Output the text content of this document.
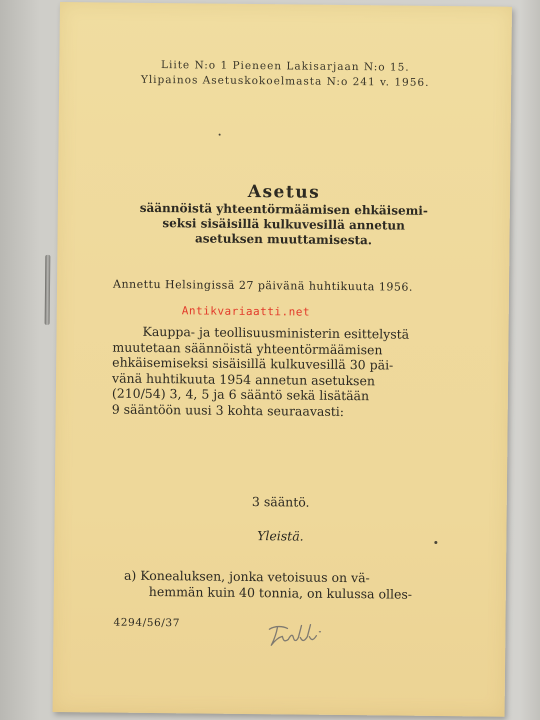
Liite N:o 1 Pieneen Lakisarjaan N:o 15.
Ylipainos Asetuskokoelmasta N:o 241 v. 1956.
Asetus
säännöistä yhteentörmäämisen ehkäisemi-
seksi sisäisillä kulkuvesillä annetun
asetuksen muuttamisesta.
Annettu Helsingissä 27 päivänä huhtikuuta 1956.
Antikvariaatti.net
Kauppa- ja teollisuusministerin esittelystä
muutetaan säännöistä yhteentörmäämisen
ehkäisemiseksi sisäisillä kulkuvesillä 30 päi-
vänä huhtikuuta 1954 annetun asetuksen
(210/54) 3, 4, 5 ja 6 sääntö sekä lisätään
9 sääntöön uusi 3 kohta seuraavasti:
3 sääntö.
Yleistä.
a) Konealuksen, jonka vetoisuus on vä-
hemmän kuin 40 tonnia, on kulussa olles-
4294/56/37
